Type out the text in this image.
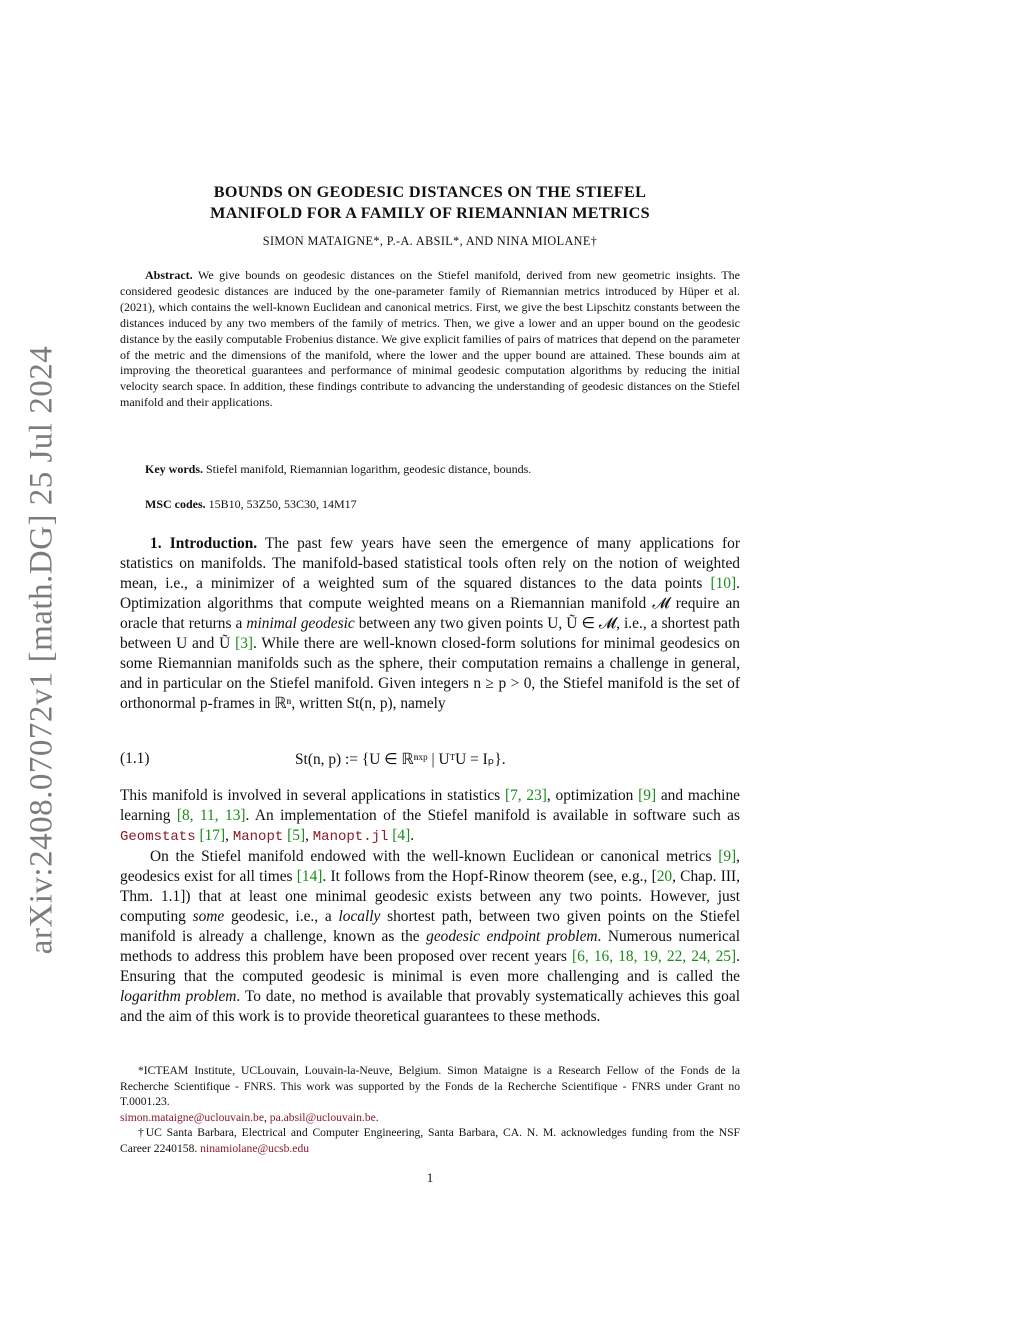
arXiv:2408.07072v1 [math.DG] 25 Jul 2024
BOUNDS ON GEODESIC DISTANCES ON THE STIEFEL
MANIFOLD FOR A FAMILY OF RIEMANNIAN METRICS
SIMON MATAIGNE*, P.-A. ABSIL*, AND NINA MIOLANE†
Abstract. We give bounds on geodesic distances on the Stiefel manifold, derived from new geometric insights. The considered geodesic distances are induced by the one-parameter family of Riemannian metrics introduced by Hüper et al. (2021), which contains the well-known Euclidean and canonical metrics. First, we give the best Lipschitz constants between the distances induced by any two members of the family of metrics. Then, we give a lower and an upper bound on the geodesic distance by the easily computable Frobenius distance. We give explicit families of pairs of matrices that depend on the parameter of the metric and the dimensions of the manifold, where the lower and the upper bound are attained. These bounds aim at improving the theoretical guarantees and performance of minimal geodesic computation algorithms by reducing the initial velocity search space. In addition, these findings contribute to advancing the understanding of geodesic distances on the Stiefel manifold and their applications.
Key words. Stiefel manifold, Riemannian logarithm, geodesic distance, bounds.
MSC codes. 15B10, 53Z50, 53C30, 14M17
1. Introduction. The past few years have seen the emergence of many applications for statistics on manifolds. The manifold-based statistical tools often rely on the notion of weighted mean, i.e., a minimizer of a weighted sum of the squared distances to the data points [10]. Optimization algorithms that compute weighted means on a Riemannian manifold 𝓜 require an oracle that returns a minimal geodesic between any two given points U, Ũ ∈ 𝓜, i.e., a shortest path between U and Ũ [3]. While there are well-known closed-form solutions for minimal geodesics on some Riemannian manifolds such as the sphere, their computation remains a challenge in general, and in particular on the Stiefel manifold. Given integers n ≥ p > 0, the Stiefel manifold is the set of orthonormal p-frames in ℝⁿ, written St(n, p), namely
(1.1)	St(n, p) := {U ∈ ℝⁿˣᵖ | UᵀU = Iₚ}.

This manifold is involved in several applications in statistics [7, 23], optimization [9] and machine learning [8, 11, 13]. An implementation of the Stiefel manifold is available in software such as Geomstats [17], Manopt [5], Manopt.jl [4].

On the Stiefel manifold endowed with the well-known Euclidean or canonical metrics [9], geodesics exist for all times [14]. It follows from the Hopf-Rinow theorem (see, e.g., [20, Chap. III, Thm. 1.1]) that at least one minimal geodesic exists between any two points. However, just computing some geodesic, i.e., a locally shortest path, between two given points on the Stiefel manifold is already a challenge, known as the geodesic endpoint problem. Numerous numerical methods to address this problem have been proposed over recent years [6, 16, 18, 19, 22, 24, 25]. Ensuring that the computed geodesic is minimal is even more challenging and is called the logarithm problem. To date, no method is available that provably systematically achieves this goal and the aim of this work is to provide theoretical guarantees to these methods.

*ICTEAM Institute, UCLouvain, Louvain-la-Neuve, Belgium. Simon Mataigne is a Research Fellow of the Fonds de la Recherche Scientifique - FNRS. This work was supported by the Fonds de la Recherche Scientifique - FNRS under Grant no T.0001.23.

simon.mataigne@uclouvain.be, pa.absil@uclouvain.be.

†UC Santa Barbara, Electrical and Computer Engineering, Santa Barbara, CA. N. M. acknowledges funding from the NSF Career 2240158. ninamiolane@ucsb.edu

1
